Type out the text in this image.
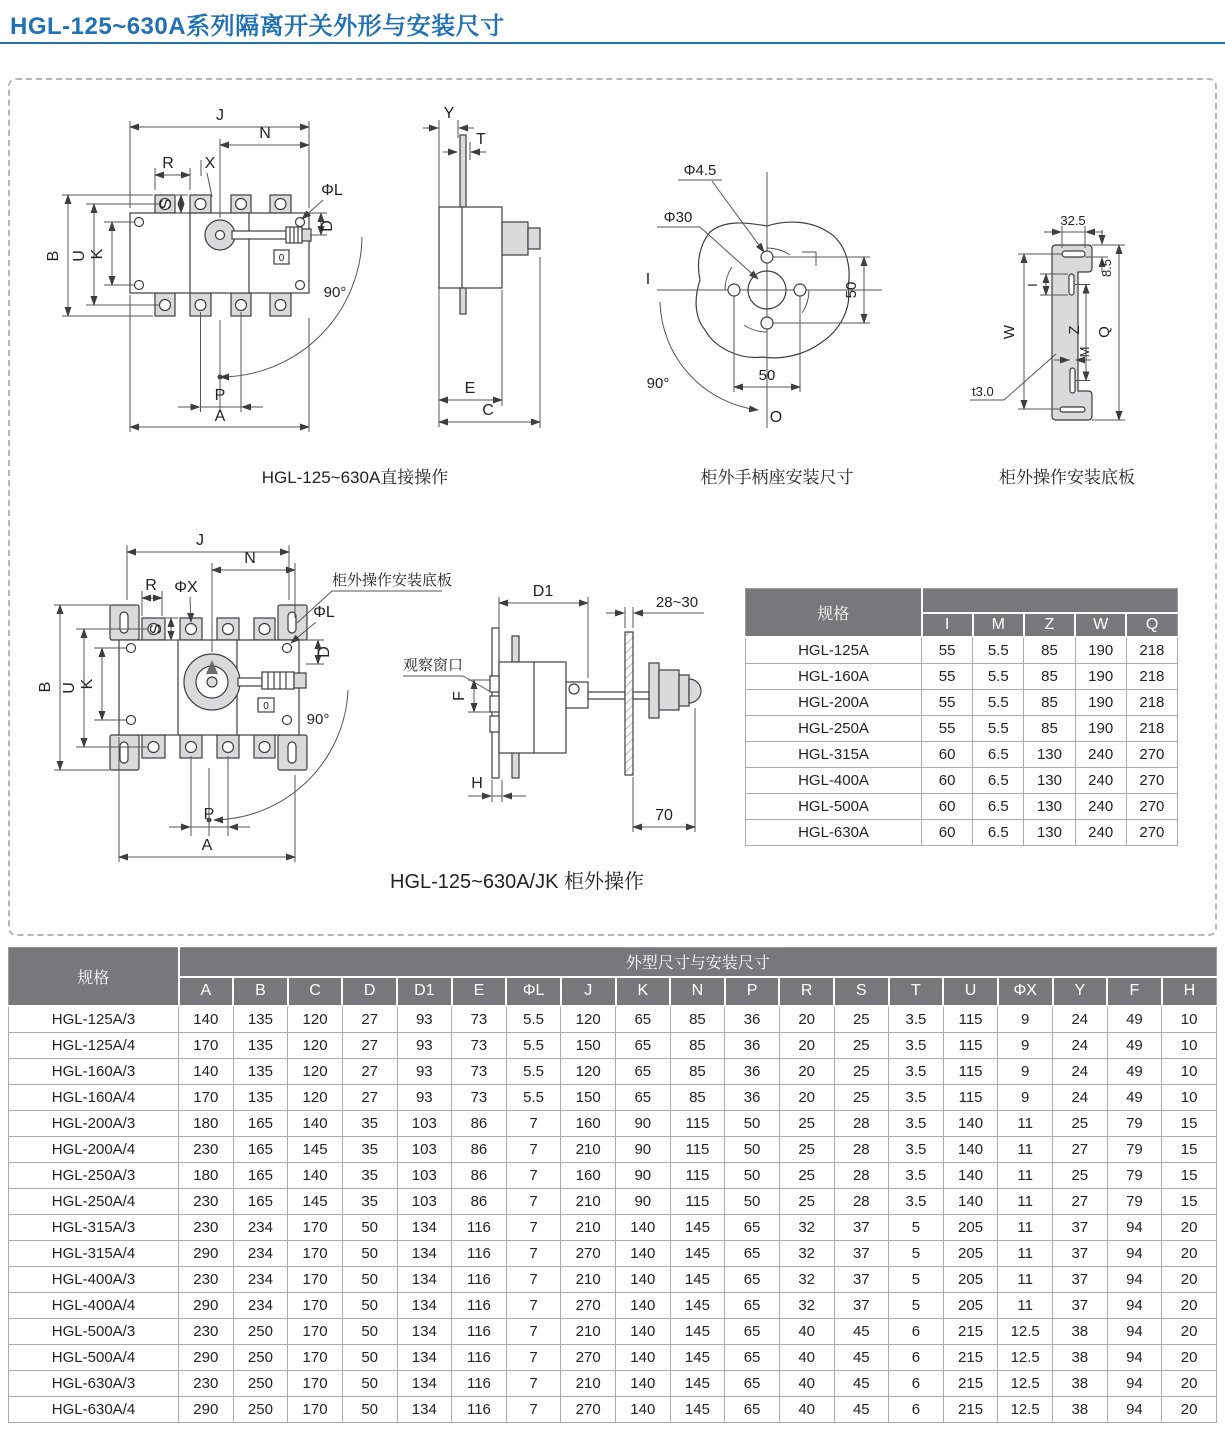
HGL-125~630A系列隔离开关外形与安装尺寸
0
J
N
R X
S
ΦL
D
B U K
90°
P
A
HGL-125~630A直接操作
Y
T
E
C
Φ4.5
Φ30
I
50
50
90°
O
柜外手柄座安装尺寸
32.5
8.5
I
W	Z
M
Q
t3.0
柜外操作安装底板
0
J
N
R ΦX
S
ΦL
D
B U K
90°
P
A
柜外操作安装底板
HGL-125~630A/JK 柜外操作
D1
28~30
观察窗口
F
H
70
规格					
	I	M	Z	W	Q
HGL-125A	55	5.5	85	190	218
HGL-160A	55	5.5	85	190	218
HGL-200A	55	5.5	85	190	218
HGL-250A	55	5.5	85	190	218
HGL-315A	60	6.5	130	240	270
HGL-400A	60	6.5	130	240	270
HGL-500A	60	6.5	130	240	270
HGL-630A	60	6.5	130	240	270
规格	外型尺寸与安装尺寸																		
	A	B	C	D	D1	E	ΦL	J	K	N	P	R	S	T	U	ΦX	Y	F	H
HGL-125A/3	140	135	120	27	93	73	5.5	120	65	85	36	20	25	3.5	115	9	24	49	10
HGL-125A/4	170	135	120	27	93	73	5.5	150	65	85	36	20	25	3.5	115	9	24	49	10
HGL-160A/3	140	135	120	27	93	73	5.5	120	65	85	36	20	25	3.5	115	9	24	49	10
HGL-160A/4	170	135	120	27	93	73	5.5	150	65	85	36	20	25	3.5	115	9	24	49	10
HGL-200A/3	180	165	140	35	103	86	7	160	90	115	50	25	28	3.5	140	11	25	79	15
HGL-200A/4	230	165	145	35	103	86	7	210	90	115	50	25	28	3.5	140	11	27	79	15
HGL-250A/3	180	165	140	35	103	86	7	160	90	115	50	25	28	3.5	140	11	25	79	15
HGL-250A/4	230	165	145	35	103	86	7	210	90	115	50	25	28	3.5	140	11	27	79	15
HGL-315A/3	230	234	170	50	134	116	7	210	140	145	65	32	37	5	205	11	37	94	20
HGL-315A/4	290	234	170	50	134	116	7	270	140	145	65	32	37	5	205	11	37	94	20
HGL-400A/3	230	234	170	50	134	116	7	210	140	145	65	32	37	5	205	11	37	94	20
HGL-400A/4	290	234	170	50	134	116	7	270	140	145	65	32	37	5	205	11	37	94	20
HGL-500A/3	230	250	170	50	134	116	7	210	140	145	65	40	45	6	215	12.5	38	94	20
HGL-500A/4	290	250	170	50	134	116	7	270	140	145	65	40	45	6	215	12.5	38	94	20
HGL-630A/3	230	250	170	50	134	116	7	210	140	145	65	40	45	6	215	12.5	38	94	20
HGL-630A/4	290	250	170	50	134	116	7	270	140	145	65	40	45	6	215	12.5	38	94	20
